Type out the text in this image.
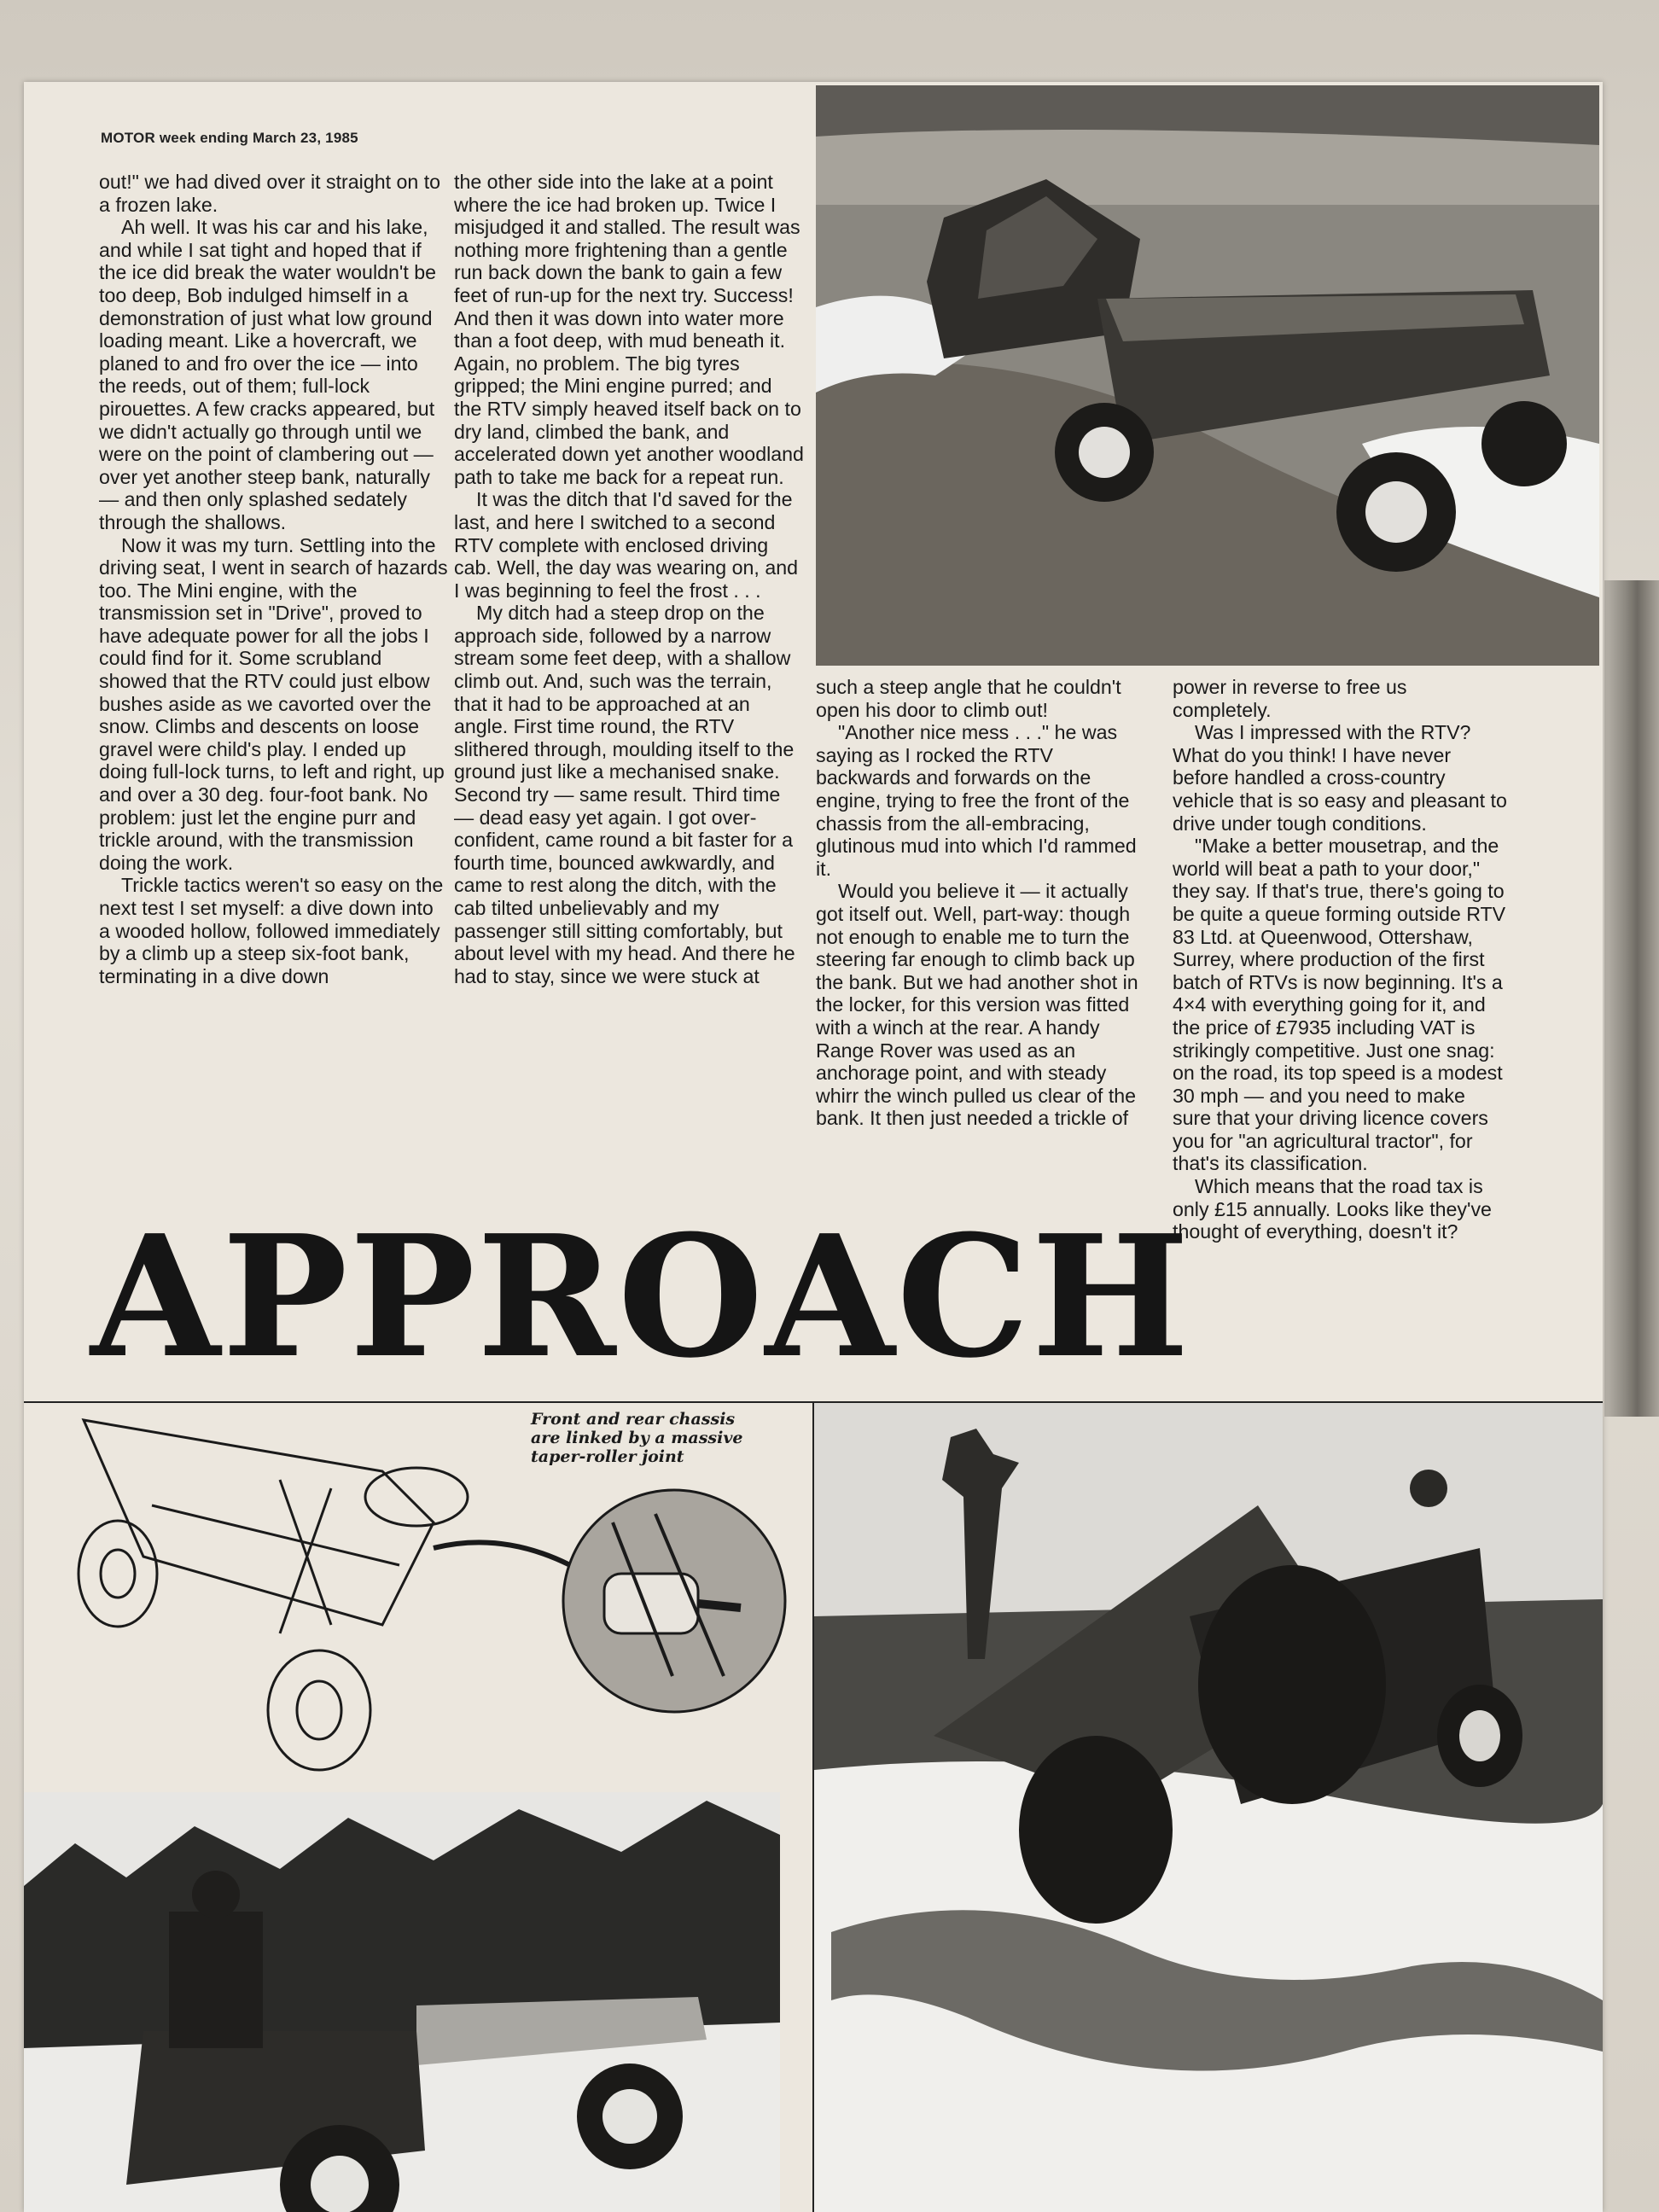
MOTOR week ending March 23, 1985

out!" we had dived over it straight on to a frozen lake.

Ah well. It was his car and his lake, and while I sat tight and hoped that if the ice did break the water wouldn't be too deep, Bob indulged himself in a demonstration of just what low ground loading meant. Like a hovercraft, we planed to and fro over the ice — into the reeds, out of them; full-lock pirouettes. A few cracks appeared, but we didn't actually go through until we were on the point of clambering out — over yet another steep bank, naturally — and then only splashed sedately through the shallows.

Now it was my turn. Settling into the driving seat, I went in search of hazards too. The Mini engine, with the transmission set in "Drive", proved to have adequate power for all the jobs I could find for it. Some scrubland showed that the RTV could just elbow bushes aside as we cavorted over the snow. Climbs and descents on loose gravel were child's play. I ended up doing full-lock turns, to left and right, up and over a 30 deg. four-foot bank. No problem: just let the engine purr and trickle around, with the transmission doing the work.

Trickle tactics weren't so easy on the next test I set myself: a dive down into a wooded hollow, followed immediately by a climb up a steep six-foot bank, terminating in a dive down

the other side into the lake at a point where the ice had broken up. Twice I misjudged it and stalled. The result was nothing more frightening than a gentle run back down the bank to gain a few feet of run-up for the next try. Success! And then it was down into water more than a foot deep, with mud beneath it. Again, no problem. The big tyres gripped; the Mini engine purred; and the RTV simply heaved itself back on to dry land, climbed the bank, and accelerated down yet another woodland path to take me back for a repeat run.

It was the ditch that I'd saved for the last, and here I switched to a second RTV complete with enclosed driving cab. Well, the day was wearing on, and I was beginning to feel the frost . . .

My ditch had a steep drop on the approach side, followed by a narrow stream some feet deep, with a shallow climb out. And, such was the terrain, that it had to be approached at an angle. First time round, the RTV slithered through, moulding itself to the ground just like a mechanised snake. Second try — same result. Third time — dead easy yet again. I got over-confident, came round a bit faster for a fourth time, bounced awkwardly, and came to rest along the ditch, with the cab tilted unbelievably and my passenger still sitting comfortably, but about level with my head. And there he had to stay, since we were stuck at

such a steep angle that he couldn't open his door to climb out!

"Another nice mess . . ." he was saying as I rocked the RTV backwards and forwards on the engine, trying to free the front of the chassis from the all-embracing, glutinous mud into which I'd rammed it.

Would you believe it — it actually got itself out. Well, part-way: though not enough to enable me to turn the steering far enough to climb back up the bank. But we had another shot in the locker, for this version was fitted with a winch at the rear. A handy Range Rover was used as an anchorage point, and with steady whirr the winch pulled us clear of the bank. It then just needed a trickle of

power in reverse to free us completely.

Was I impressed with the RTV? What do you think! I have never before handled a cross-country vehicle that is so easy and pleasant to drive under tough conditions.

"Make a better mousetrap, and the world will beat a path to your door," they say. If that's true, there's going to be quite a queue forming outside RTV 83 Ltd. at Queenwood, Ottershaw, Surrey, where production of the first batch of RTVs is now beginning. It's a 4×4 with everything going for it, and the price of £7935 including VAT is strikingly competitive. Just one snag: on the road, its top speed is a modest 30 mph — and you need to make sure that your driving licence covers you for "an agricultural tractor", for that's its classification.

Which means that the road tax is only £15 annually. Looks like they've thought of everything, doesn't it?

APPROACH
Front and rear chassis are linked by a massive taper-roller joint
